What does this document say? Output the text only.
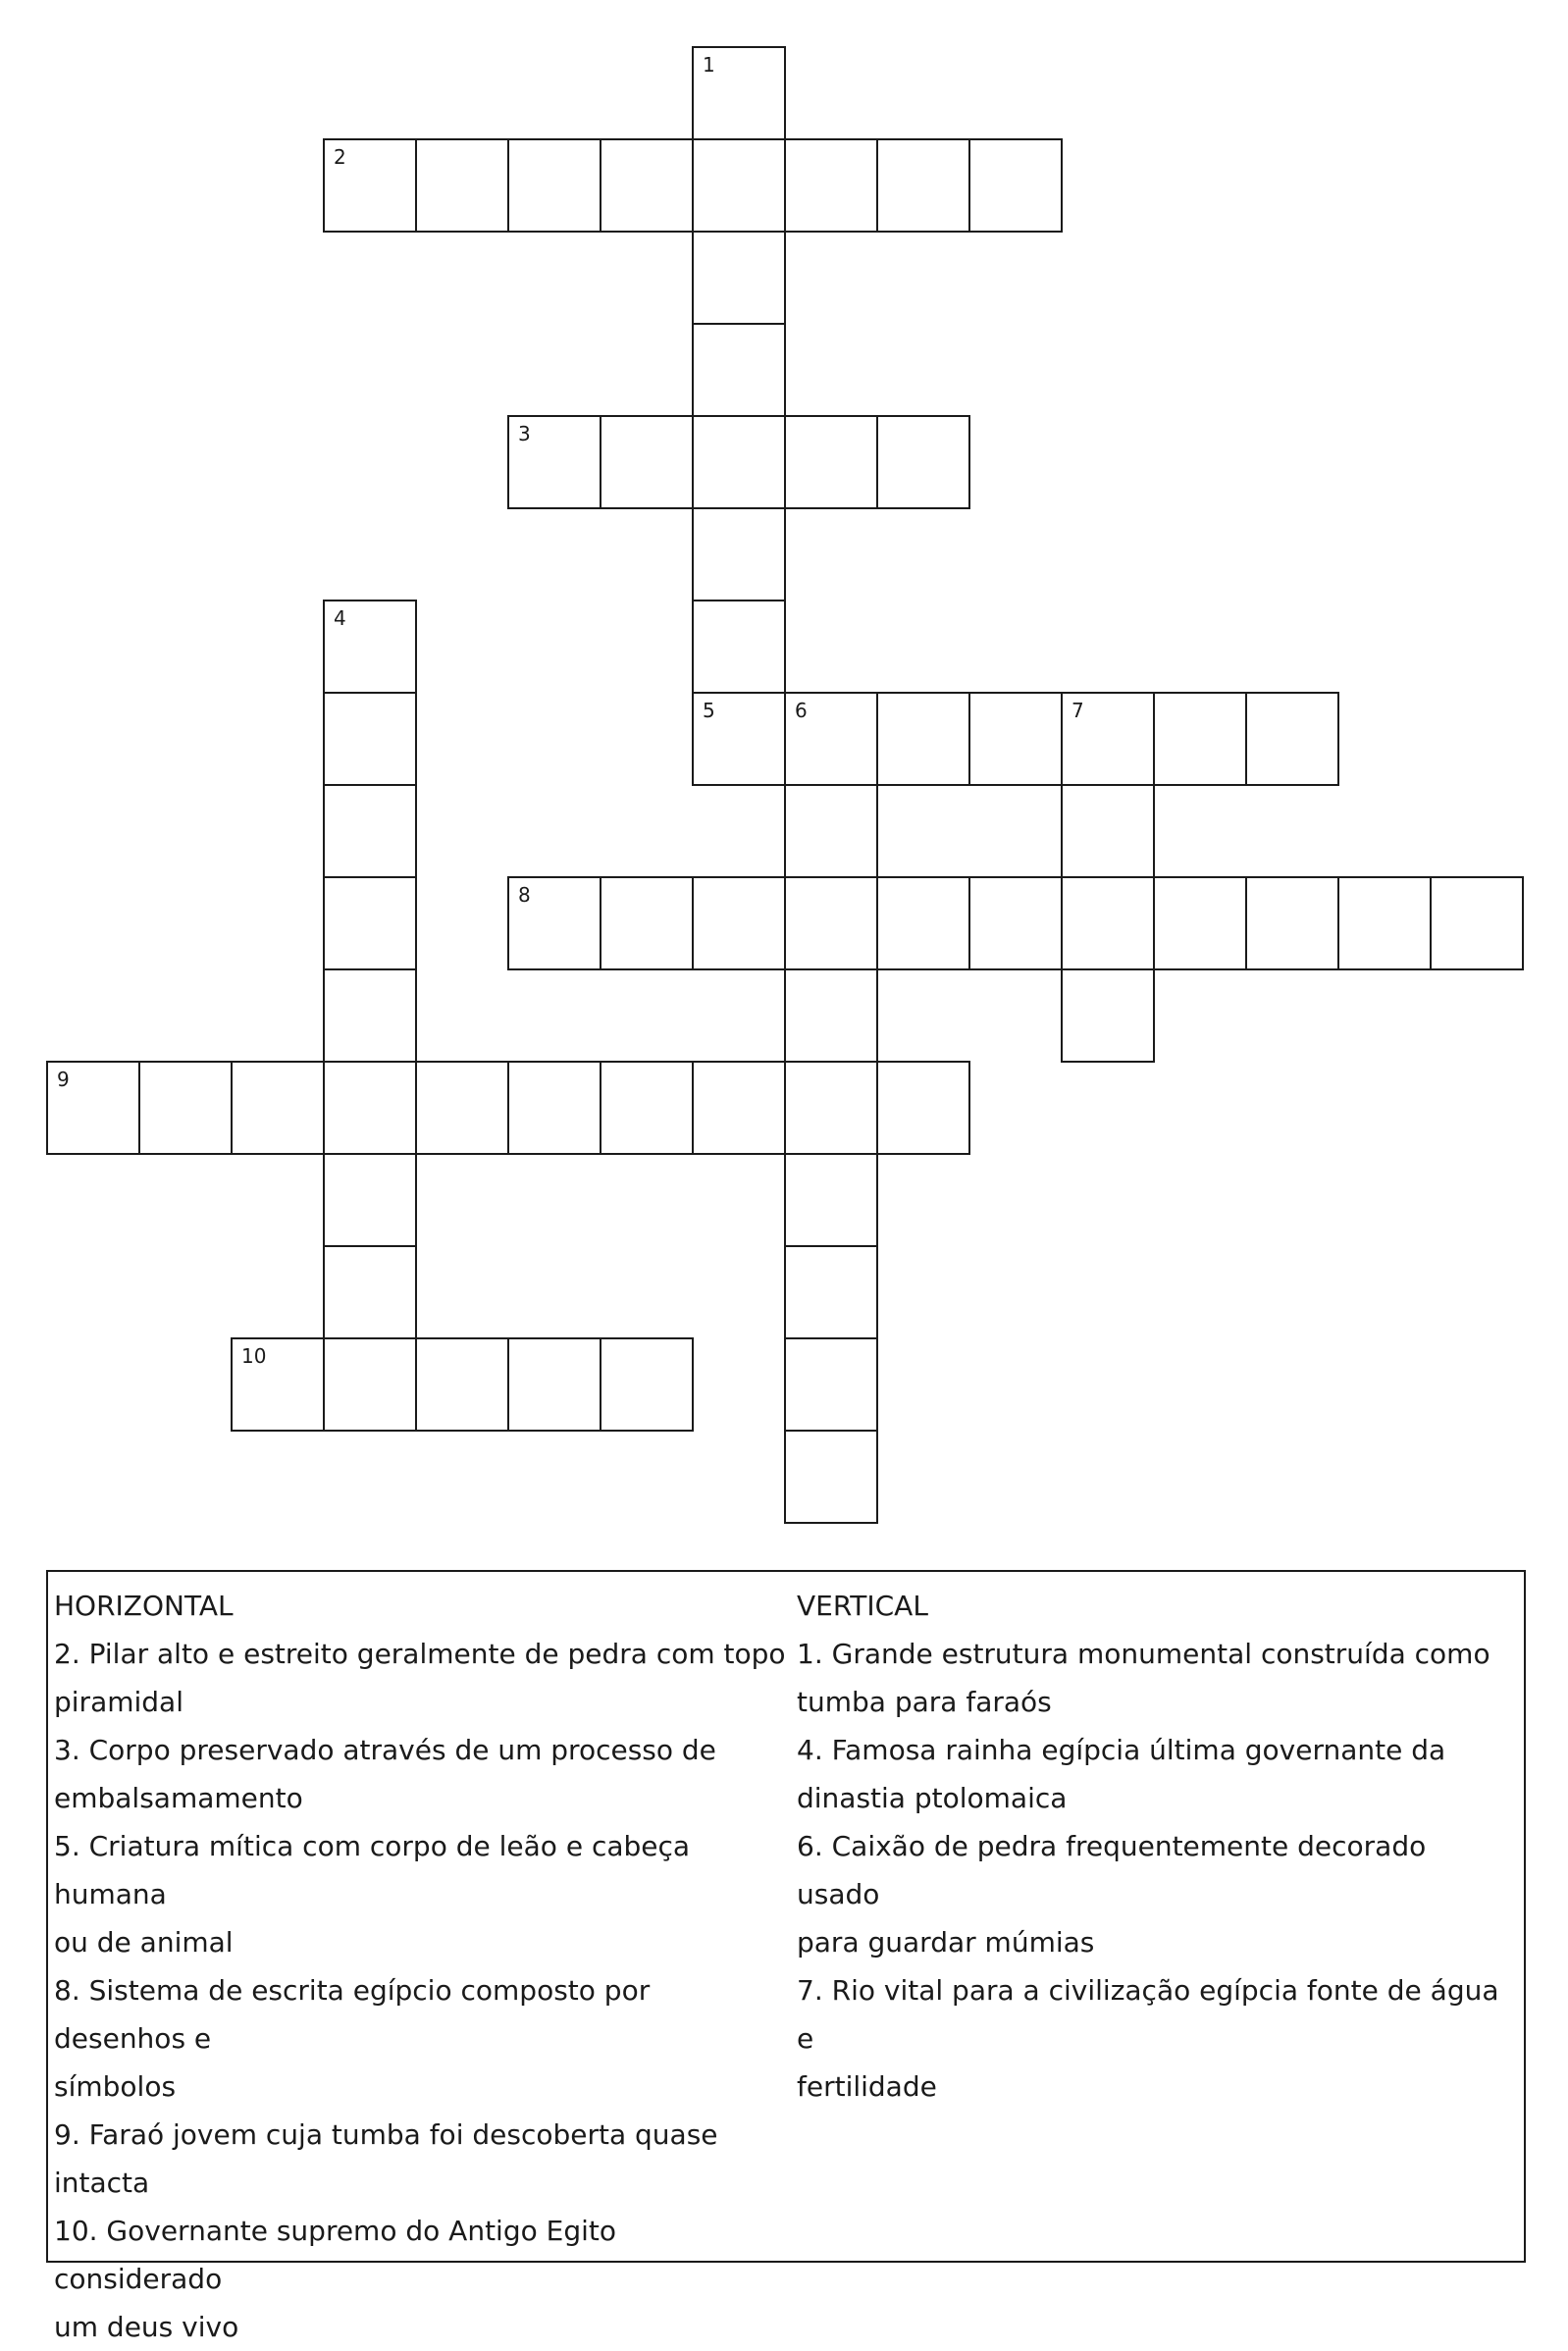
1
5
2
3
4
6	7
8
9
10

HORIZONTAL

2. Pilar alto e estreito geralmente de pedra com topo

piramidal

3. Corpo preservado através de um processo de

embalsamamento

5. Criatura mítica com corpo de leão e cabeça humana

ou de animal

8. Sistema de escrita egípcio composto por desenhos e

símbolos

9. Faraó jovem cuja tumba foi descoberta quase

intacta

10. Governante supremo do Antigo Egito considerado

um deus vivo

VERTICAL

1. Grande estrutura monumental construída como

tumba para faraós

4. Famosa rainha egípcia última governante da

dinastia ptolomaica

6. Caixão de pedra frequentemente decorado usado

para guardar múmias

7. Rio vital para a civilização egípcia fonte de água e

fertilidade
